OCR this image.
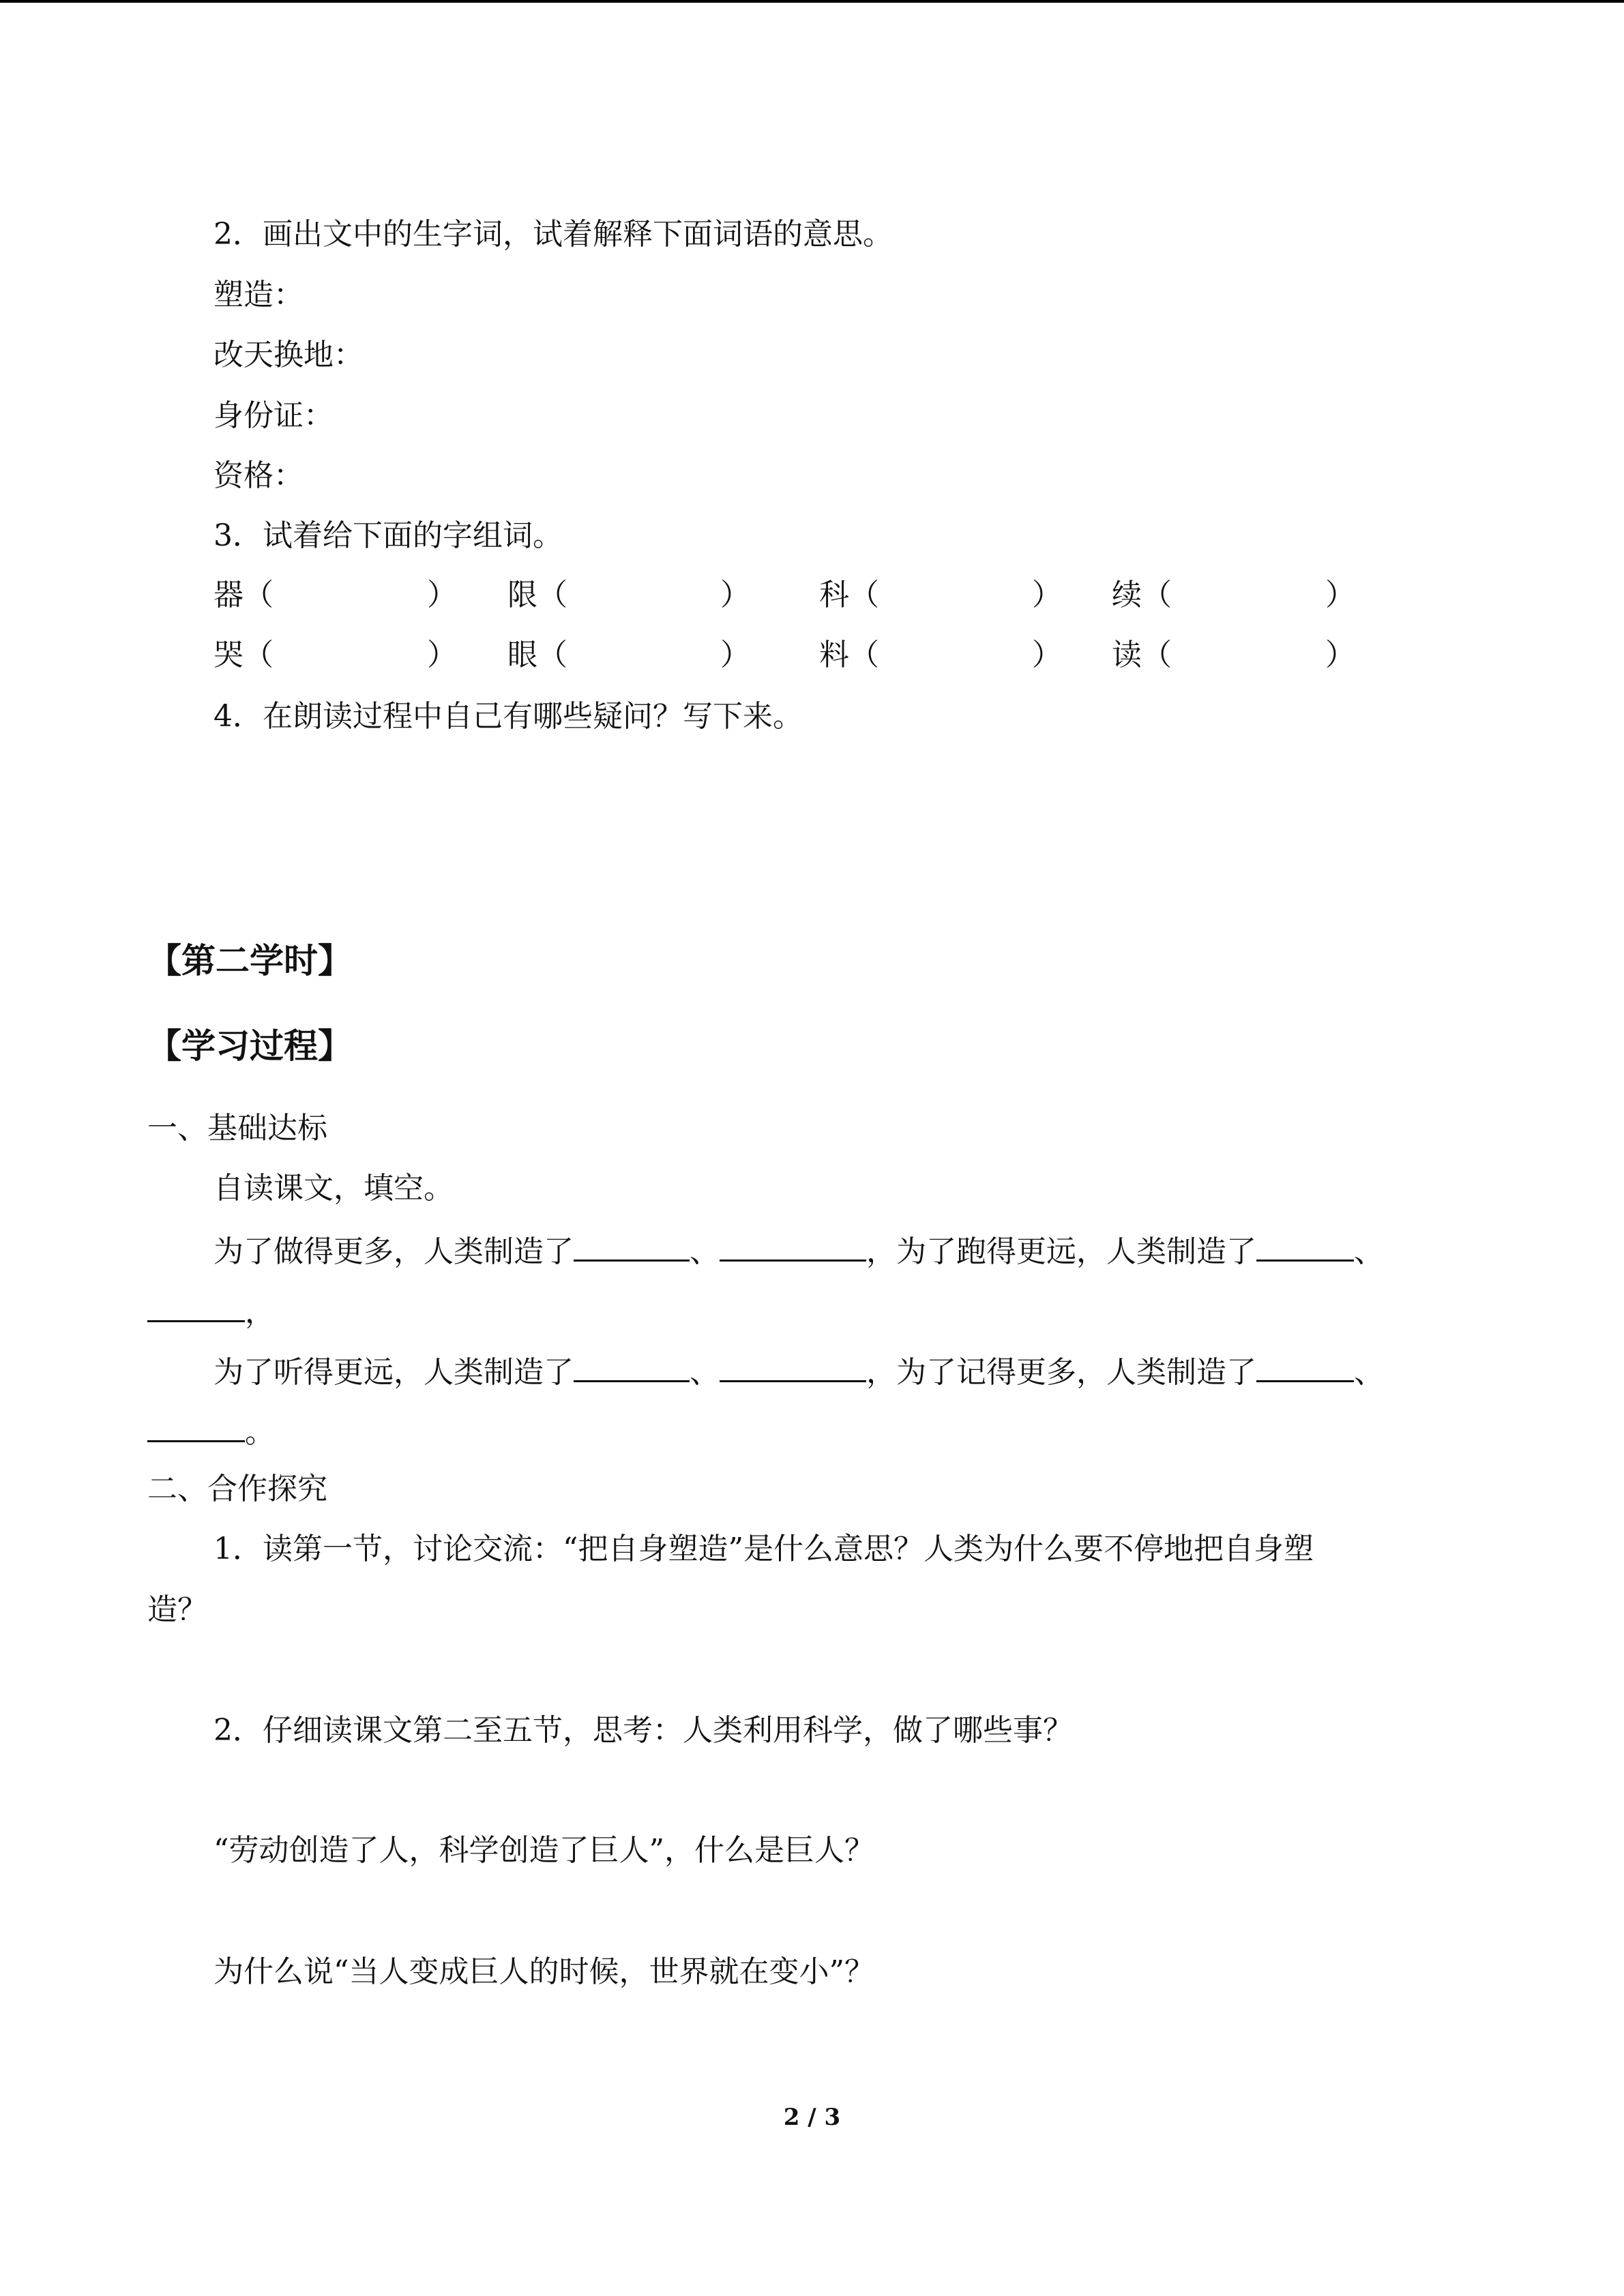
2．画出文中的生字词，试着解释下面词语的意思。
塑造：
改天换地：
身份证：
资格：
3．试着给下面的字组词。
器（	） 限（	） 科（	） 续（	）
哭（	） 眼（	） 料（	） 读（	）
4．在朗读过程中自己有哪些疑问？写下来。
【第二学时】
【学习过程】
一、基础达标
自读课文，填空。
为了做得更多，人类制造了	、	，为了跑得更远，人类制造了	、
，
为了听得更远，人类制造了	、	，为了记得更多，人类制造了	、
。
二、合作探究
1．读第一节，讨论交流：“把自身塑造”是什么意思？人类为什么要不停地把自身塑
造？
2．仔细读课文第二至五节，思考：人类利用科学，做了哪些事？
“劳动创造了人，科学创造了巨人”，什么是巨人？
为什么说“当人变成巨人的时候，世界就在变小”？
2 / 3
